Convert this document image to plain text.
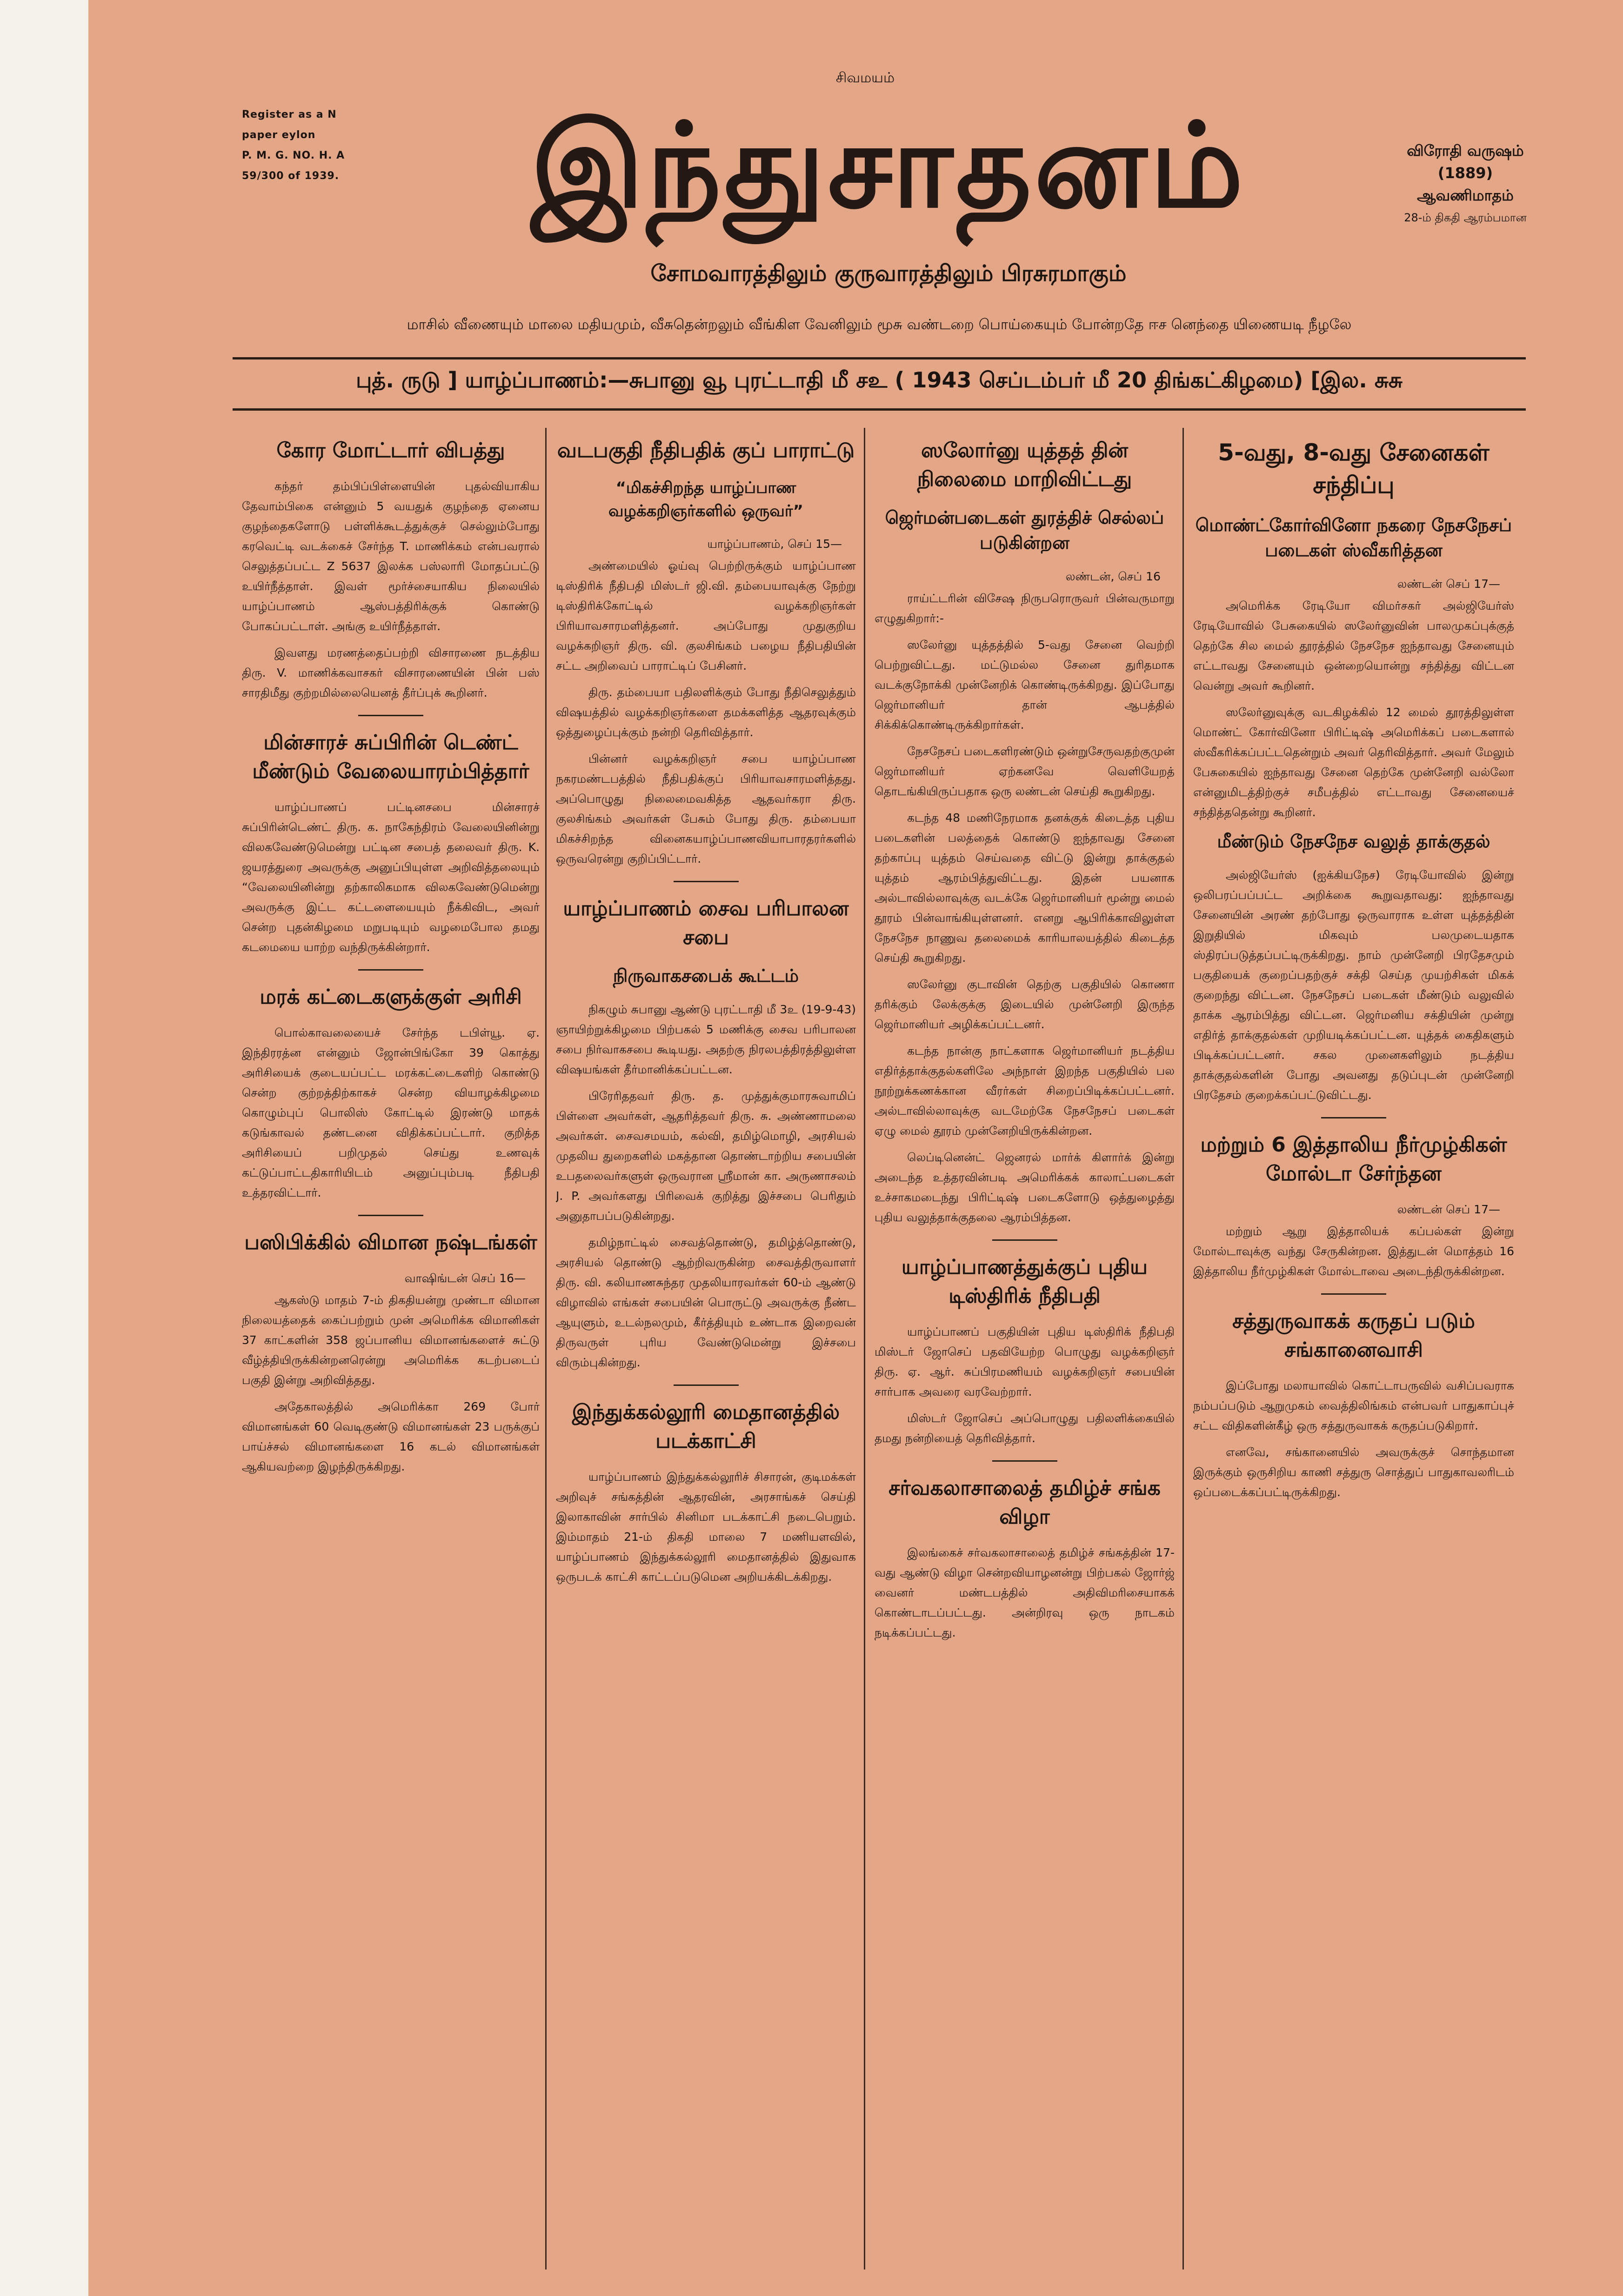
Register as a N
paper eylon
P. M. G. NO. H. A
59/300 of 1939.
சிவமயம்
இந்துசாதனம்	விரோதி வருஷம்
(1889)
ஆவணிமாதம்
28-ம் திகதி ஆரம்பமான
சோமவாரத்திலும் குருவாரத்திலும் பிரசுரமாகும்
மாசில் வீணையும் மாலை மதியமும், வீசுதென்றலும் வீங்கிள வேனிலும் மூசு வண்டறை பொய்கையும் போன்றதே ஈச னெந்தை யிணையடி நீழலே
புத். ருடு ] யாழ்ப்பாணம்:—சுபானு வூ புரட்டாதி மீ சஉ ( 1943 செப்டம்பர் மீ 20 திங்கட்கிழமை) [இல. சுசு
கோர மோட்டார் விபத்து
கந்தர் தம்பிப்பிள்ளையின் புதல்வியாகிய தேவாம்பிகை என்னும் 5 வயதுக் குழந்தை ஏனைய குழந்தைகளோடு பள்ளிக்கூடத்துக்குச் செல்லும்போது கரவெட்டி வடக்கைச் சேர்ந்த T. மாணிக்கம் என்பவரால் செலுத்தப்பட்ட Z 5637 இலக்க பஸ்லாரி மோதப்பட்டு உயிர்நீத்தாள். இவள் மூர்ச்சையாகிய நிலையில் யாழ்ப்பாணம் ஆஸ்பத்திரிக்குக் கொண்டு போகப்பட்டாள். அங்கு உயிர்நீத்தாள்.
இவளது மரணத்தைப்பற்றி விசாரணை நடத்திய திரு. V. மாணிக்கவாசகர் விசாரணையின் பின் பஸ் சாரதிமீது குற்றமில்லையெனத் தீர்ப்புக் கூறினர்.
மின்சாரச் சுப்பிரின் டெண்ட் மீண்டும் வேலையாரம்பித்தார்
யாழ்ப்பாணப் பட்டினசபை மின்சாரச் சுப்பிரின்டெண்ட் திரு. க. நாகேந்திரம் வேலையினின்று விலகவேண்டுமென்று பட்டின சபைத் தலைவர் திரு. K. ஜயரத்துரை அவருக்கு அனுப்பியுள்ள அறிவித்தலையும் “வேலையினின்று தற்காலிகமாக விலகவேண்டுமென்று அவருக்கு இட்ட கட்டளையையும் நீக்கிவிட, அவர் சென்ற புதன்கிழமை மறுபடியும் வழமைபோல தமது கடமையை யாற்ற வந்திருக்கின்றார்.
மரக் கட்டைகளுக்குள் அரிசி
பொல்காவலையைச் சேர்ந்த டபிள்யூ. ஏ. இந்திரரத்ன என்னும் ஜோன்பிங்கோ 39 கொத்து அரிசியைக் குடையப்பட்ட மரக்கட்டைகளிற் கொண்டு சென்ற குற்றத்திற்காகச் சென்ற வியாழக்கிழமை கொழும்புப் பொலிஸ் கோட்டில் இரண்டு மாதக் கடுங்காவல் தண்டனை விதிக்கப்பட்டார். குறித்த அரிசியைப் பறிமுதல் செய்து உணவுக் கட்டுப்பாட்டதிகாரியிடம் அனுப்பும்படி நீதிபதி உத்தரவிட்டார்.
பஸிபிக்கில் விமான நஷ்டங்கள்
வாஷிங்டன் செப் 16—
ஆகஸ்டு மாதம் 7-ம் திகதியன்று முண்டா விமான நிலையத்தைக் கைப்பற்றும் முன் அமெரிக்க விமானிகள் 37 காட்களின் 358 ஜப்பானிய விமானங்களைச் சுட்டு வீழ்த்தியிருக்கின்றனரென்று அமெரிக்க கடற்படைப் பகுதி இன்று அறிவித்தது.
அதேகாலத்தில் அமெரிக்கா 269 போர் விமானங்கள் 60 வெடிகுண்டு விமானங்கள் 23 பருக்குப் பாய்ச்சல் விமானங்களை 16 கடல் விமானங்கள் ஆகியவற்றை இழந்திருக்கிறது.
வடபகுதி நீதிபதிக் குப் பாராட்டு
“மிகச்சிறந்த யாழ்ப்பாண வழக்கறிஞர்களில் ஒருவர்”
யாழ்ப்பாணம், செப் 15—
அண்மையில் ஓய்வு பெற்றிருக்கும் யாழ்ப்பாண டிஸ்திரிக் நீதிபதி மிஸ்டர் ஜி.வி. தம்பையாவுக்கு நேற்று டிஸ்திரிக்கோட்டில் வழக்கறிஞர்கள் பிரியாவசாரமளித்தனர். அப்போது முதுகுறிய வழக்கறிஞர் திரு. வி. குலசிங்கம் பழைய நீதிபதியின் சட்ட அறிவைப் பாராட்டிப் பேசினர்.
திரு. தம்பையா பதிலளிக்கும் போது நீதிசெலுத்தும் விஷயத்தில் வழக்கறிஞர்களை தமக்களித்த ஆதரவுக்கும் ஒத்துழைப்புக்கும் நன்றி தெரிவித்தார்.
பின்னர் வழக்கறிஞர் சபை யாழ்ப்பாண நகரமண்டபத்தில் நீதிபதிக்குப் பிரியாவசாரமளித்தது. அப்பொழுது நிலைமைவகித்த ஆதவர்கரா திரு. குலசிங்கம் அவர்கள் பேசும் போது திரு. தம்பையா மிகச்சிறந்த வினைகயாழ்ப்பாணவியாபாரதரர்களில் ஒருவரென்று குறிப்பிட்டார்.
யாழ்ப்பாணம் சைவ பரிபாலன சபை
நிருவாகசபைக் கூட்டம்
நிகழும் சுபானு ஆண்டு புரட்டாதி மீ 3உ (19-9-43) ஞாயிற்றுக்கிழமை பிற்பகல் 5 மணிக்கு சைவ பரிபாலன சபை நிர்வாகசபை கூடியது. அதற்கு நிரலபத்திரத்திலுள்ள விஷயங்கள் தீர்மானிக்கப்பட்டன.
பிரேரிததவர் திரு. த. முத்துக்குமாரசுவாமிப் பிள்ளை அவர்கள், ஆதரித்தவர் திரு. சு. அண்ணாமலை அவர்கள். சைவசமயம், கல்வி, தமிழ்மொழி, அரசியல் முதலிய துறைகளில் மகத்தான தொண்டாற்றிய சபையின் உபதலைவர்களுள் ஒருவரான ஸ்ரீமான் கா. அருணாசலம் J. P. அவர்களது பிரிவைக் குறித்து இச்சபை பெரிதும் அனுதாபப்படுகின்றது.
தமிழ்நாட்டில் சைவத்தொண்டு, தமிழ்த்தொண்டு, அரசியல் தொண்டு ஆற்றிவருகின்ற சைவத்திருவாளர் திரு. வி. கலியாணசுந்தர முதலியாரவர்கள் 60-ம் ஆண்டு விழாவில் எங்கள் சபையின் பொருட்டு அவருக்கு நீண்ட ஆயுளும், உடல்நலமும், கீர்த்தியும் உண்டாக இறைவன் திருவருள் புரிய வேண்டுமென்று இச்சபை விரும்புகின்றது.
இந்துக்கல்லூரி மைதானத்தில் படக்காட்சி
யாழ்ப்பாணம் இந்துக்கல்லூரிச் சிசாரன், குடிமக்கள் அறிவுச் சங்கத்தின் ஆதரவின், அரசாங்கச் செய்தி இலாகாவின் சார்பில் சினிமா படக்காட்சி நடைபெறும். இம்மாதம் 21-ம் திகதி மாலை 7 மணியளவில், யாழ்ப்பாணம் இந்துக்கல்லூரி மைதானத்தில் இதுவாக ஒருபடக் காட்சி காட்டப்படுமென அறியக்கிடக்கிறது.
ஸலோர்னு யுத்தத் தின் நிலைமை மாறிவிட்டது
ஜெர்மன்படைகள் துரத்திச் செல்லப் படுகின்றன
லண்டன், செப் 16
ராய்ட்டரின் விசேஷ நிருபரொருவர் பின்வருமாறு எழுதுகிறார்:-
ஸலேர்னு யுத்தத்தில் 5-வது சேனை வெற்றி பெற்றுவிட்டது. மட்டுமல்ல சேனை துரிதமாக வடக்குநோக்கி முன்னேறிக் கொண்டிருக்கிறது. இப்போது ஜெர்மானியர் தான் ஆபத்தில் சிக்கிக்கொண்டிருக்கிறார்கள்.
நேசநேசப் படைகளிரண்டும் ஒன்றுசேருவதற்குமுன் ஜெர்மானியர் ஏற்கனவே வெளியேறத் தொடங்கியிருப்பதாக ஒரு லண்டன் செய்தி கூறுகிறது.
கடந்த 48 மணிநேரமாக தனக்குக் கிடைத்த புதிய படைகளின் பலத்தைக் கொண்டு ஐந்தாவது சேனை தற்காப்பு யுத்தம் செய்வதை விட்டு இன்று தாக்குதல் யுத்தம் ஆரம்பித்துவிட்டது. இதன் பயனாக அல்டாவில்லாவுக்கு வடக்கே ஜெர்மானியர் மூன்று மைல் தூரம் பின்வாங்கியுள்ளனர். எனறு ஆபிரிக்காவிலுள்ள நேசநேச நாணுவ தலைமைக் காரியாலயத்தில் கிடைத்த செய்தி கூறுகிறது.
ஸலேர்னு குடாவின் தெற்கு பகுதியில் கொணா தரிக்கும் லேக்குக்கு இடையில் முன்னேறி இருந்த ஜெர்மானியர் அழிக்கப்பட்டனர்.
கடந்த நான்கு நாட்களாக ஜெர்மானியர் நடத்திய எதிர்த்தாக்குதல்களிலே அந்நாள் இறந்த பகுதியில் பல நூற்றுக்கணக்கான வீரர்கள் சிறைப்பிடிக்கப்பட்டனர். அல்டாவில்லாவுக்கு வடமேற்கே நேசநேசப் படைகள் ஏழு மைல் தூரம் முன்னேறியிருக்கின்றன.
லெப்டினென்ட் ஜெனரல் மார்க் கிளார்க் இன்று அடைந்த உத்தரவின்படி அமெரிக்கக் காலாட்படைகள் உச்சாகமடைந்து பிரிட்டிஷ் படைகளோடு ஒத்துழைத்து புதிய வலுத்தாக்குதலை ஆரம்பித்தன.
யாழ்ப்பாணத்துக்குப் புதிய டிஸ்திரிக் நீதிபதி
யாழ்ப்பாணப் பகுதியின் புதிய டிஸ்திரிக் நீதிபதி மிஸ்டர் ஜோசெப் பதவியேற்ற பொழுது வழக்கறிஞர் திரு. ஏ. ஆர். சுப்பிரமணியம் வழக்கறிஞர் சபையின் சார்பாக அவரை வரவேற்றார்.
மிஸ்டர் ஜோசெப் அப்பொழுது பதிலளிக்கையில் தமது நன்றியைத் தெரிவித்தார்.
சர்வகலாசாலைத் தமிழ்ச் சங்க விழா
இலங்கைச் சர்வகலாசாலைத் தமிழ்ச் சங்கத்தின் 17-வது ஆண்டு விழா சென்றவியாழனன்று பிற்பகல் ஜோர்ஜ் வைனர் மண்டபத்தில் அதிவிமரிசையாகக் கொண்டாடப்பட்டது. அன்றிரவு ஒரு நாடகம் நடிக்கப்பட்டது.
5-வது, 8-வது சேனைகள் சந்திப்பு
மொண்ட்கோர்வினோ நகரை நேசநேசப் படைகள் ஸ்வீகரித்தன
லண்டன் செப் 17—
அமெரிக்க ரேடியோ விமர்சகர் அல்ஜியேர்ஸ் ரேடியோவில் பேசுகையில் ஸலேர்னுவின் பாலமுகப்புக்குத் தெற்கே சில மைல் தூரத்தில் நேசநேச ஐந்தாவது சேனையும் எட்டாவது சேனையும் ஒன்றையொன்று சந்தித்து விட்டன வென்று அவர் கூறினர்.
ஸலேர்னுவுக்கு வடகிழக்கில் 12 மைல் தூரத்திலுள்ள மொண்ட் கோர்வினோ பிரிட்டிஷ் அமெரிக்கப் படைகளால் ஸ்வீகரிக்கப்பட்டதென்றும் அவர் தெரிவித்தார். அவர் மேலும் பேசுகையில் ஐந்தாவது சேனை தெற்கே முன்னேறி வல்லோ என்னுமிடத்திற்குச் சமீபத்தில் எட்டாவது சேனையைச் சந்தித்ததென்று கூறினர்.
மீண்டும் நேசநேச வலுத் தாக்குதல்
அல்ஜியேர்ஸ் (ஐக்கியநேச) ரேடியோவில் இன்று ஒலிபரப்பப்பட்ட அறிக்கை கூறுவதாவது: ஐந்தாவது சேனையின் அரண் தற்போது ஒருவாராக உள்ள யுத்தத்தின் இறுதியில் மிகவும் பலமுடையதாக ஸ்திரப்படுத்தப்பட்டிருக்கிறது. நாம் முன்னேறி பிரதேசமும் பகுதியைக் குறைப்பதற்குச் சக்தி செய்த முயற்சிகள் மிகக் குறைந்து விட்டன. நேசநேசப் படைகள் மீண்டும் வலுவில் தாக்க ஆரம்பித்து விட்டன. ஜெர்மனிய சக்தியின் முன்று எதிர்த் தாக்குதல்கள் முறியடிக்கப்பட்டன. யுத்தக் கைதிகளும் பிடிக்கப்பட்டனர். சகல முனைகளிலும் நடத்திய தாக்குதல்களின் போது அவனது தடுப்புடன் முன்னேறி பிரதேசம் குறைக்கப்பட்டுவிட்டது.
மற்றும் 6 இத்தாலிய நீர்முழ்கிகள் மோல்டா சேர்ந்தன
லண்டன் செப் 17—
மற்றும் ஆறு இத்தாலியக் கப்பல்கள் இன்று மோல்டாவுக்கு வந்து சேருகின்றன. இத்துடன் மொத்தம் 16 இத்தாலிய நீர்முழ்கிகள் மோல்டாவை அடைந்திருக்கின்றன.
சத்துருவாகக் கருதப் படும் சங்கானைவாசி
இப்போது மலாயாவில் கொட்டாபருவில் வசிப்பவராக நம்பப்படும் ஆறுமுகம் வைத்திலிங்கம் என்பவர் பாதுகாப்புச் சட்ட விதிகளின்கீழ் ஒரு சத்துருவாகக் கருதப்படுகிறார்.
எனவே, சங்கானையில் அவருக்குச் சொந்தமான இருக்கும் ஒருசிறிய காணி சத்துரு சொத்துப் பாதுகாவலரிடம் ஒப்படைக்கப்பட்டிருக்கிறது.
